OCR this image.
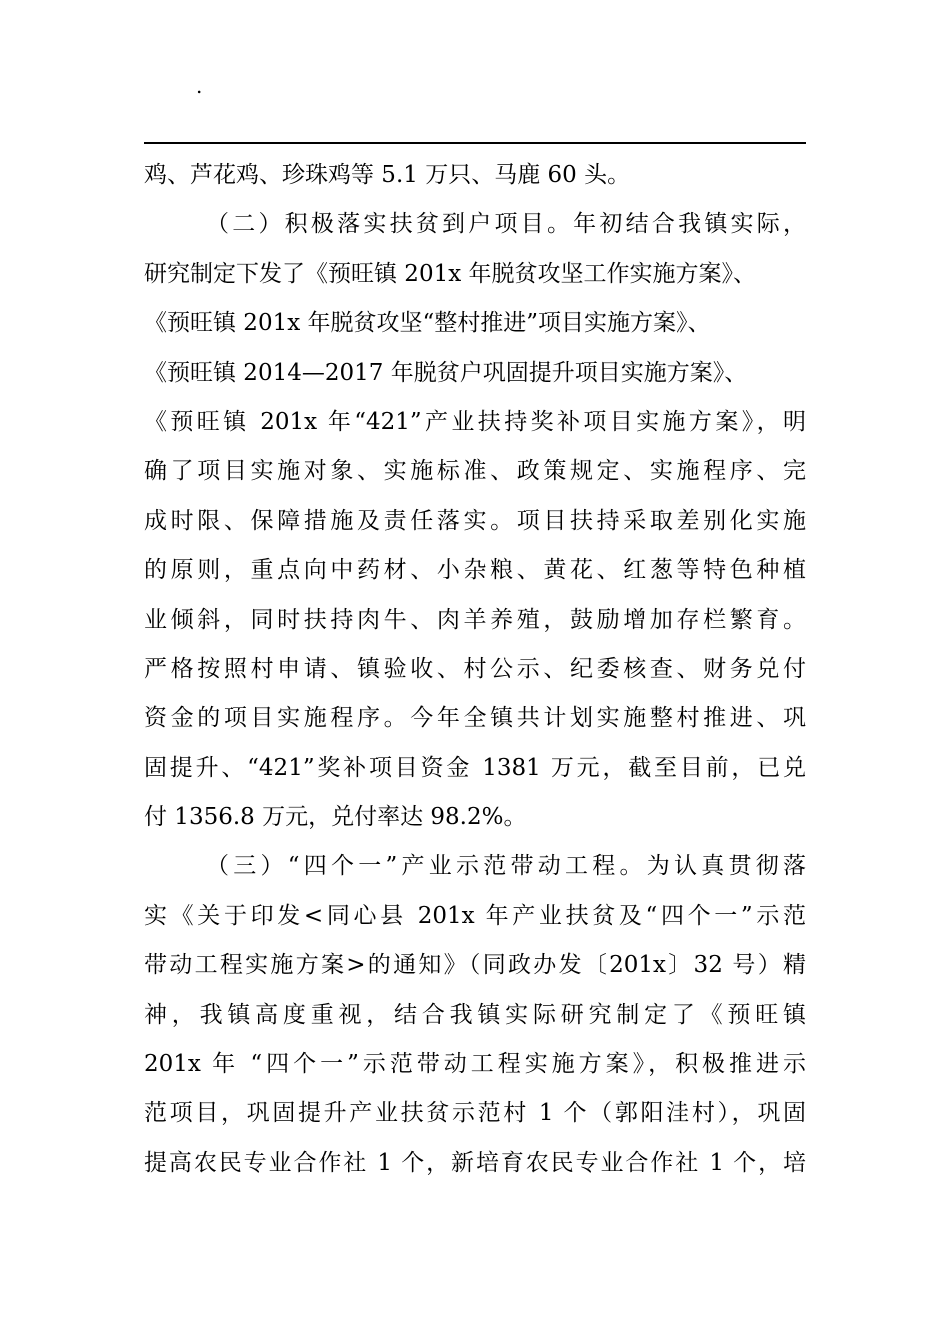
.
鸡、芦花鸡、珍珠鸡等 5.1 万只、马鹿 60 头。
（二）积极落实扶贫到户项目。年初结合我镇实际，
研究制定下发了《预旺镇 201x 年脱贫攻坚工作实施方案》、
《预旺镇 201x 年脱贫攻坚“整村推进”项目实施方案》、
《预旺镇 2014—2017 年脱贫户巩固提升项目实施方案》、
《预旺镇 201x 年“421”产业扶持奖补项目实施方案》，明
确了项目实施对象、实施标准、政策规定、实施程序、完
成时限、保障措施及责任落实。项目扶持采取差别化实施
的原则，重点向中药材、小杂粮、黄花、红葱等特色种植
业倾斜，同时扶持肉牛、肉羊养殖，鼓励增加存栏繁育。
严格按照村申请、镇验收、村公示、纪委核查、财务兑付
资金的项目实施程序。今年全镇共计划实施整村推进、巩
固提升、“421”奖补项目资金 1381 万元，截至目前，已兑
付 1356.8 万元，兑付率达 98.2%。
（三）“四个一”产业示范带动工程。为认真贯彻落
实《关于印发<同心县 201x 年产业扶贫及“四个一”示范
带动工程实施方案>的通知》（同政办发〔201x〕32 号）精
神，我镇高度重视，结合我镇实际研究制定了《预旺镇
201x 年 “四个一”示范带动工程实施方案》，积极推进示
范项目，巩固提升产业扶贫示范村 1 个（郭阳洼村），巩固
提高农民专业合作社 1 个，新培育农民专业合作社 1 个，培
